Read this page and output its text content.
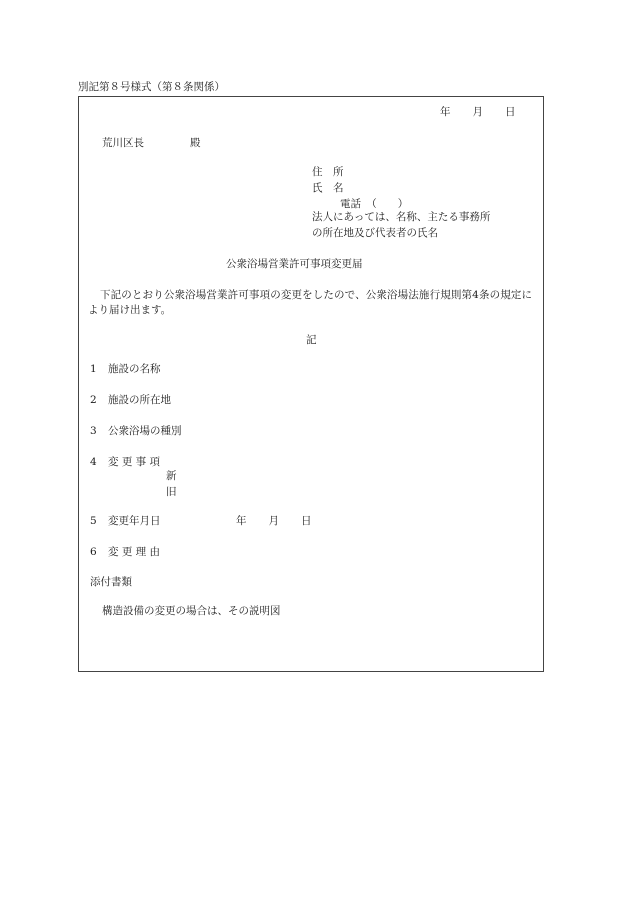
別記第８号様式（第８条関係）
年 月 日
荒川区長	殿
住　所
氏　名
電話　（　　）
法人にあっては、名称、主たる事務所
の所在地及び代表者の氏名
公衆浴場営業許可事項変更届
下記のとおり公衆浴場営業許可事項の変更をしたので、公衆浴場法施行規則第4条の規定により届け出ます。
記
1 施設の名称
2 施設の所在地
3 公衆浴場の種別
4 変 更 事 項
新
旧
5 変更年月日	年 月 日
6 変 更 理 由
添付書類
構造設備の変更の場合は、その説明図
